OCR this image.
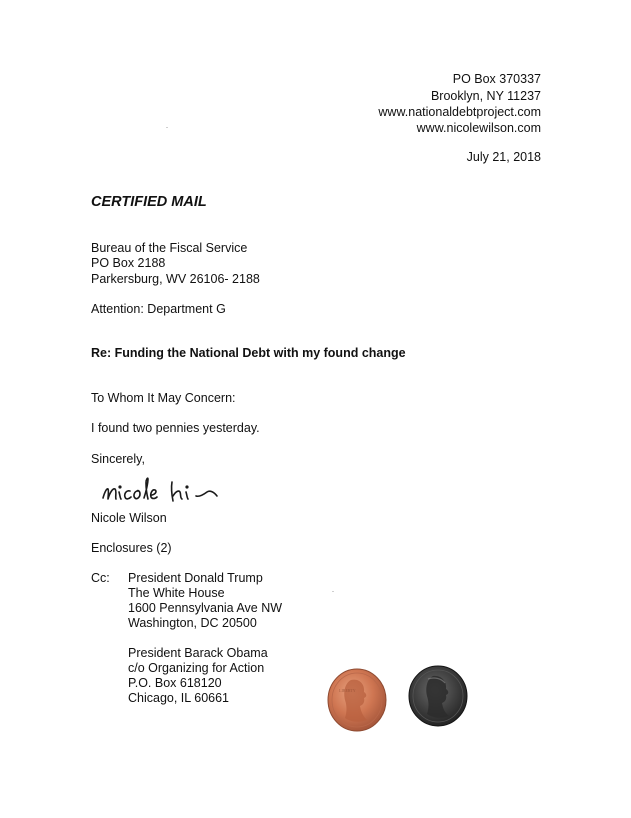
PO Box 370337
Brooklyn, NY 11237
www.nationaldebtproject.com
www.nicolewilson.com
July 21, 2018
CERTIFIED MAIL
Bureau of the Fiscal Service
PO Box 2188
Parkersburg, WV 26106- 2188
Attention: Department G
Re: Funding the National Debt with my found change
To Whom It May Concern:
I found two pennies yesterday.
Sincerely,
Nicole Wilson
Enclosures (2)
Cc: President Donald Trump
The White House
1600 Pennsylvania Ave NW
Washington, DC 20500
President Barack Obama
c/o Organizing for Action
P.O. Box 618120
Chicago, IL 60661
LIBERTY
